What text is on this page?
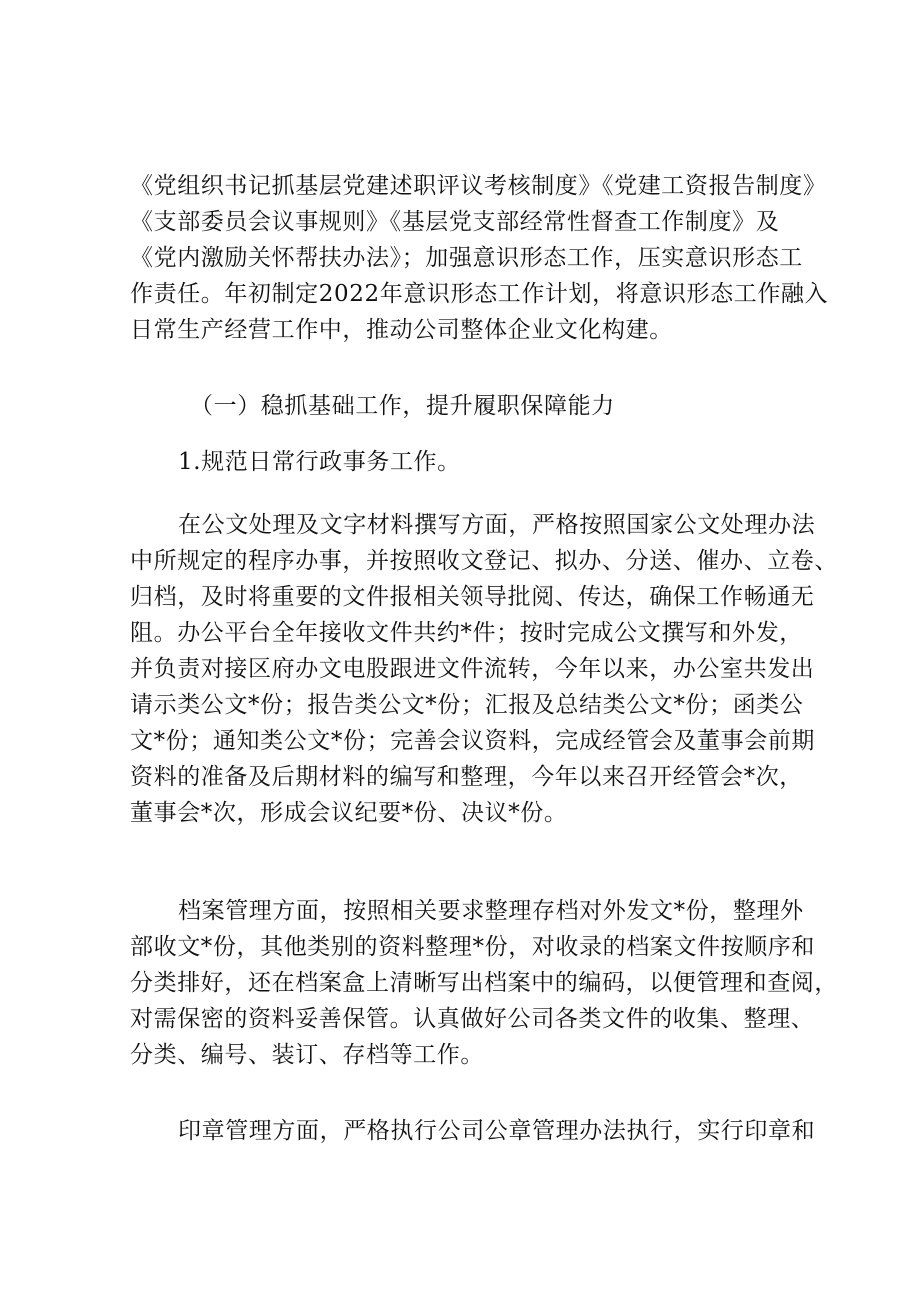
《党组织书记抓基层党建述职评议考核制度》《党建工资报告制度》
《支部委员会议事规则》《基层党支部经常性督查工作制度》及
《党内激励关怀帮扶办法》；加强意识形态工作，压实意识形态工
作责任。年初制定2022年意识形态工作计划，将意识形态工作融入
日常生产经营工作中，推动公司整体企业文化构建。
（一）稳抓基础工作，提升履职保障能力
1.规范日常行政事务工作。
在公文处理及文字材料撰写方面，严格按照国家公文处理办法
中所规定的程序办事，并按照收文登记、拟办、分送、催办、立卷、
归档，及时将重要的文件报相关领导批阅、传达，确保工作畅通无
阻。办公平台全年接收文件共约*件；按时完成公文撰写和外发，
并负责对接区府办文电股跟进文件流转，今年以来，办公室共发出
请示类公文*份；报告类公文*份；汇报及总结类公文*份；函类公
文*份；通知类公文*份；完善会议资料，完成经管会及董事会前期
资料的准备及后期材料的编写和整理，今年以来召开经管会*次，
董事会*次，形成会议纪要*份、决议*份。
档案管理方面，按照相关要求整理存档对外发文*份，整理外
部收文*份，其他类别的资料整理*份，对收录的档案文件按顺序和
分类排好，还在档案盒上清晰写出档案中的编码，以便管理和查阅，
对需保密的资料妥善保管。认真做好公司各类文件的收集、整理、
分类、编号、装订、存档等工作。
印章管理方面，严格执行公司公章管理办法执行，实行印章和
